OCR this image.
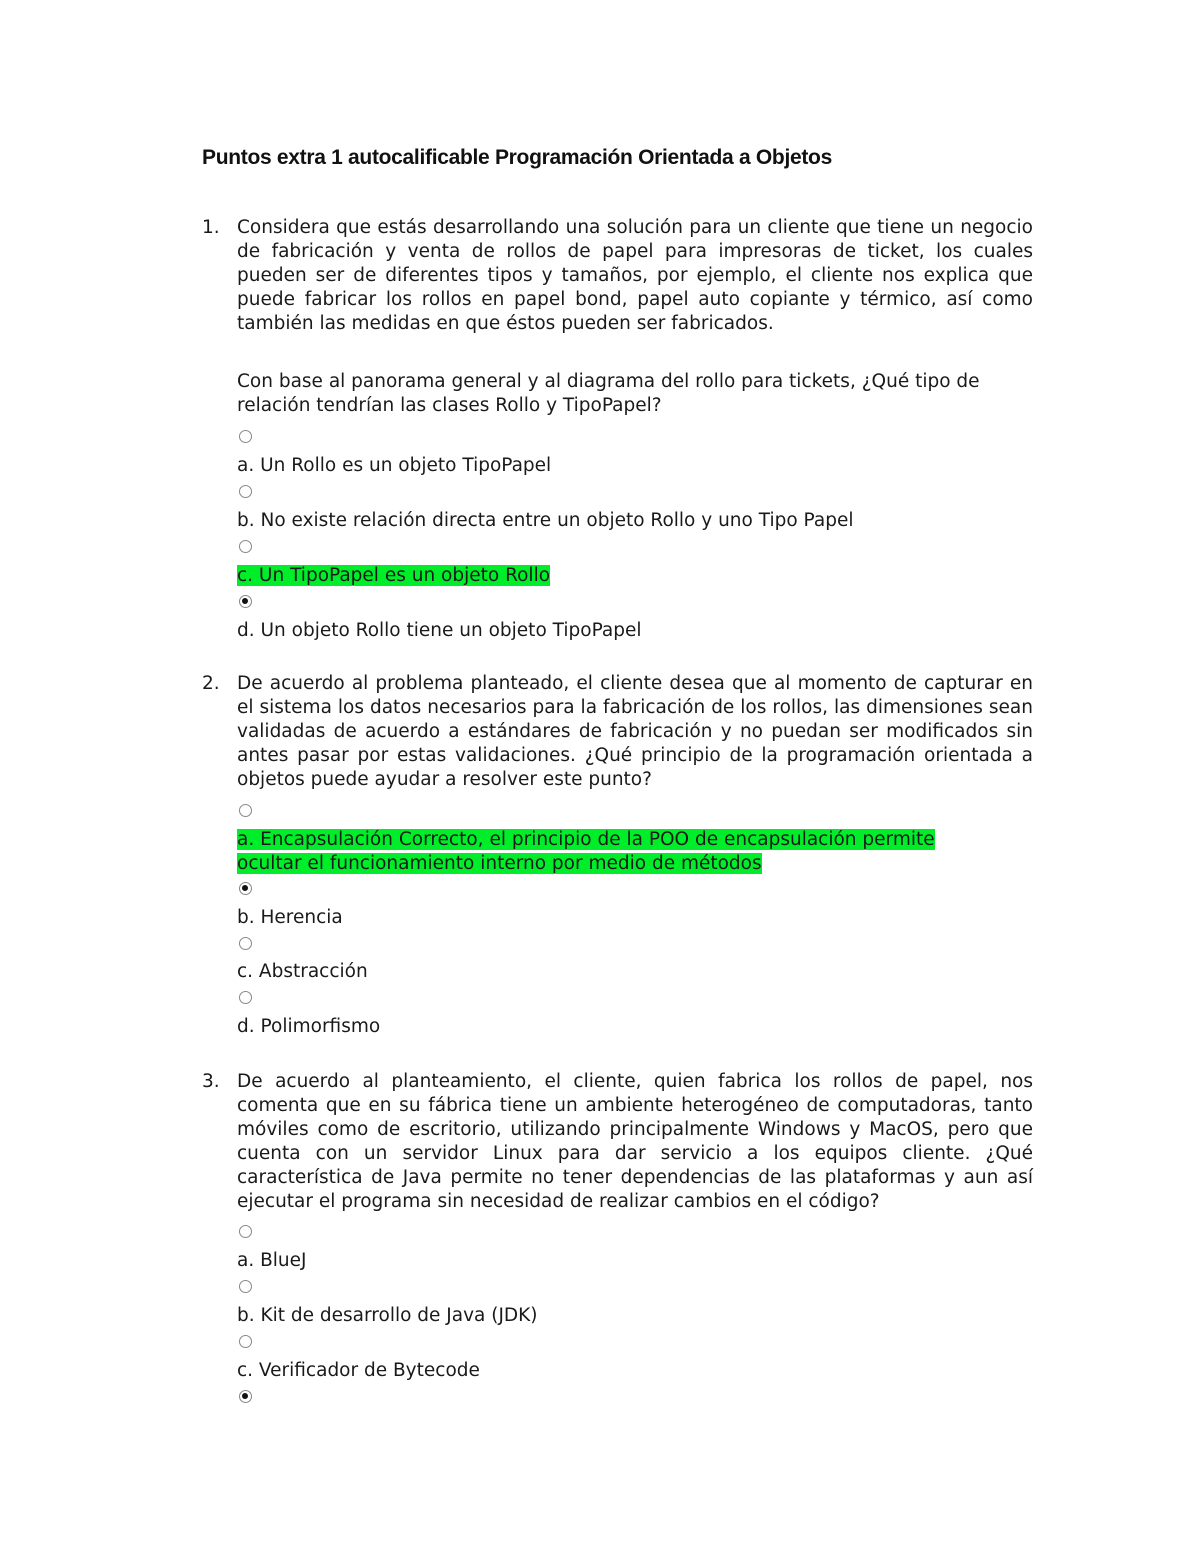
Puntos extra 1 autocalificable Programación Orientada a Objetos
1. Considera que estás desarrollando una solución para un cliente que tiene un negocio de fabricación y venta de rollos de papel para impresoras de ticket, los cuales pueden ser de diferentes tipos y tamaños, por ejemplo, el cliente nos explica que puede fabricar los rollos en papel bond, papel auto copiante y térmico, así como también las medidas en que éstos pueden ser fabricados.

Con base al panorama general y al diagrama del rollo para tickets, ¿Qué tipo de relación tendrían las clases Rollo y TipoPapel?

a. Un Rollo es un objeto TipoPapel

b. No existe relación directa entre un objeto Rollo y uno Tipo Papel

c. Un TipoPapel es un objeto Rollo

d. Un objeto Rollo tiene un objeto TipoPapel

2. De acuerdo al problema planteado, el cliente desea que al momento de capturar en el sistema los datos necesarios para la fabricación de los rollos, las dimensiones sean validadas de acuerdo a estándares de fabricación y no puedan ser modificados sin antes pasar por estas validaciones. ¿Qué principio de la programación orientada a objetos puede ayudar a resolver este punto?

a. Encapsulación Correcto, el principio de la POO de encapsulación permite ocultar el funcionamiento interno por medio de métodos

b. Herencia

c. Abstracción

d. Polimorfismo

3. De acuerdo al planteamiento, el cliente, quien fabrica los rollos de papel, nos comenta que en su fábrica tiene un ambiente heterogéneo de computadoras, tanto móviles como de escritorio, utilizando principalmente Windows y MacOS, pero que cuenta con un servidor Linux para dar servicio a los equipos cliente. ¿Qué característica de Java permite no tener dependencias de las plataformas y aun así ejecutar el programa sin necesidad de realizar cambios en el código?

a. BlueJ

b. Kit de desarrollo de Java (JDK)

c. Verificador de Bytecode
